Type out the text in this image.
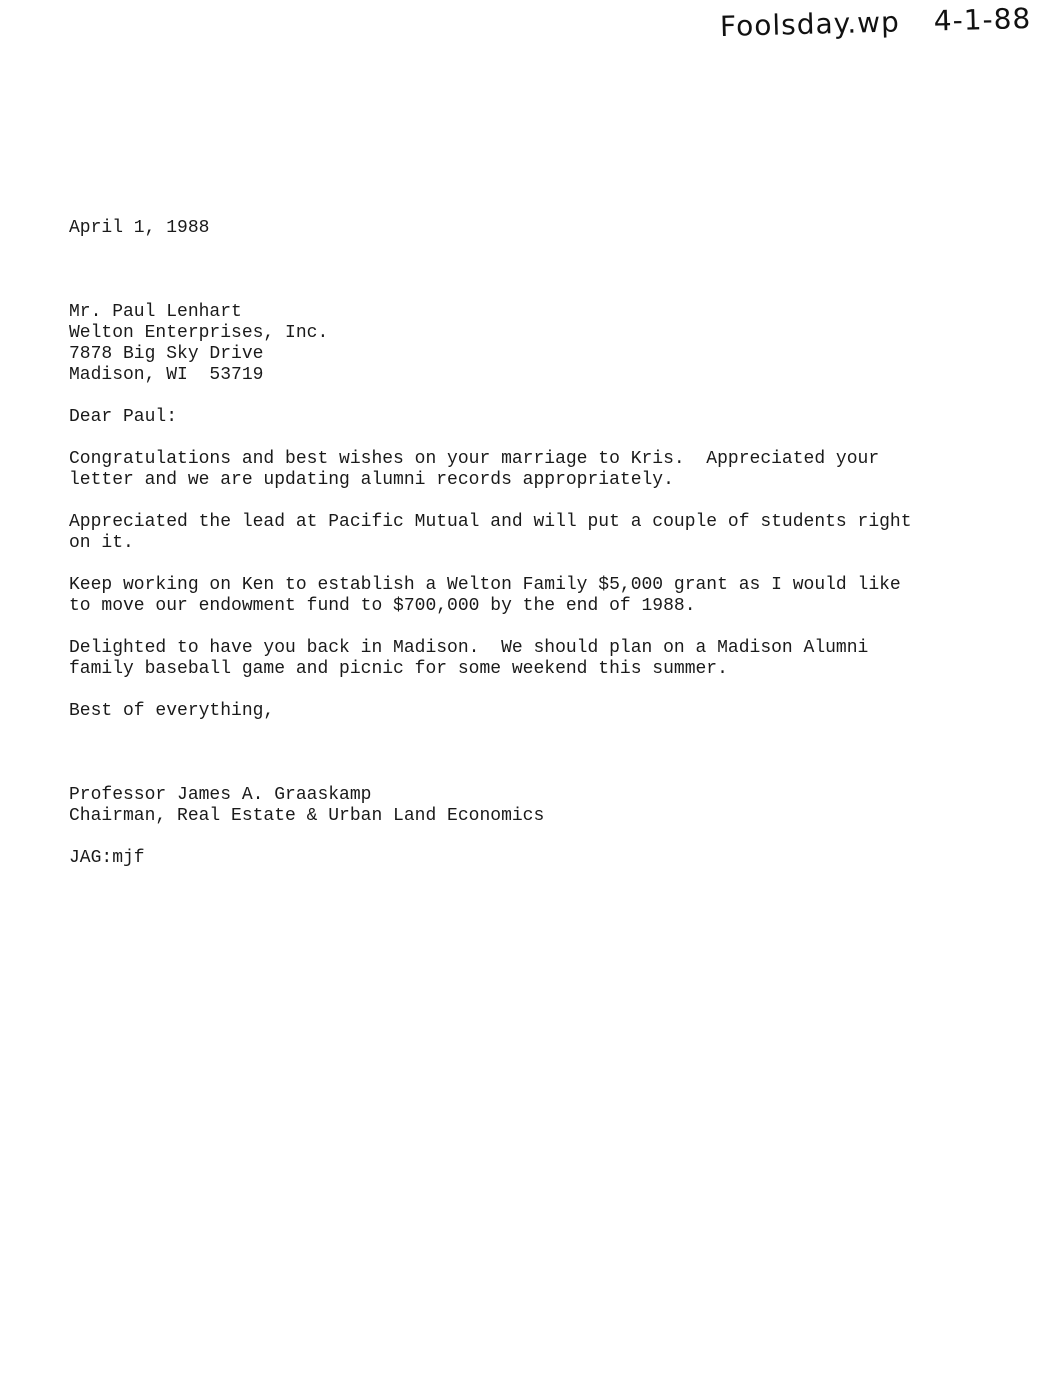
Foolsday.wp 4-1-88
April 1, 1988
Mr. Paul Lenhart
Welton Enterprises, Inc.
7878 Big Sky Drive
Madison, WI  53719
Dear Paul:
Congratulations and best wishes on your marriage to Kris.  Appreciated your
letter and we are updating alumni records appropriately.
Appreciated the lead at Pacific Mutual and will put a couple of students right
on it.
Keep working on Ken to establish a Welton Family $5,000 grant as I would like
to move our endowment fund to $700,000 by the end of 1988.
Delighted to have you back in Madison.  We should plan on a Madison Alumni
family baseball game and picnic for some weekend this summer.
Best of everything,
Professor James A. Graaskamp
Chairman, Real Estate & Urban Land Economics
JAG:mjf
